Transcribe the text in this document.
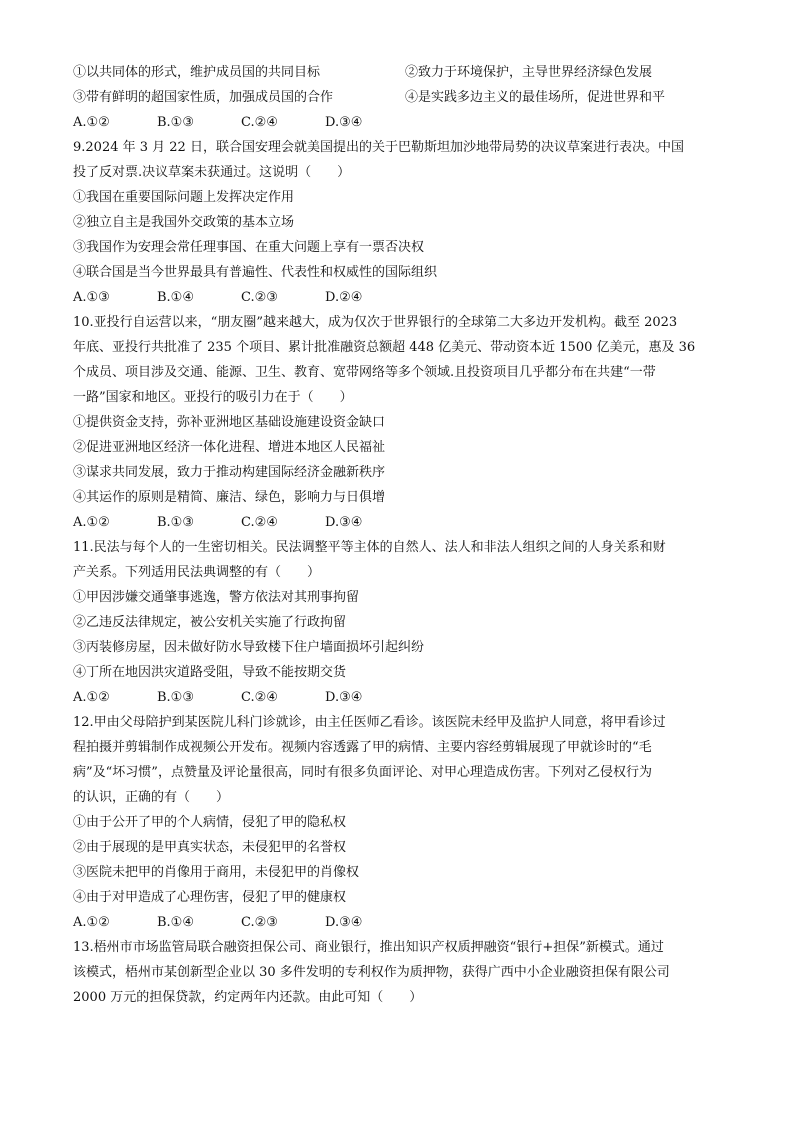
①以共同体的形式，维护成员国的共同目标	②致力于环境保护，主导世界经济绿色发展
③带有鲜明的超国家性质，加强成员国的合作	④是实践多边主义的最佳场所，促进世界和平
A.①②	B.①③	C.②④	D.③④
9.2024 年 3 月 22 日，联合国安理会就美国提出的关于巴勒斯坦加沙地带局势的决议草案进行表决。中国
投了反对票.决议草案未获通过。这说明（　　）
①我国在重要国际问题上发挥决定作用
②独立自主是我国外交政策的基本立场
③我国作为安理会常任理事国、在重大问题上享有一票否决权
④联合国是当今世界最具有普遍性、代表性和权威性的国际组织
A.①③	B.①④	C.②③	D.②④
10.亚投行自运营以来，“朋友圈”越来越大，成为仅次于世界银行的全球第二大多边开发机构。截至 2023
年底、亚投行共批准了 235 个项目、累计批准融资总额超 448 亿美元、带动资本近 1500 亿美元，惠及 36
个成员、项目涉及交通、能源、卫生、教育、宽带网络等多个领域.且投资项目几乎都分布在共建“一带
一路”国家和地区。亚投行的吸引力在于（　　）
①提供资金支持，弥补亚洲地区基础设施建设资金缺口
②促进亚洲地区经济一体化进程、增进本地区人民福祉
③谋求共同发展，致力于推动构建国际经济金融新秩序
④其运作的原则是精简、廉洁、绿色，影响力与日俱增
A.①②	B.①③	C.②④	D.③④
11.民法与每个人的一生密切相关。民法调整平等主体的自然人、法人和非法人组织之间的人身关系和财
产关系。下列适用民法典调整的有（　　）
①甲因涉嫌交通肇事逃逸，警方依法对其刑事拘留
②乙违反法律规定，被公安机关实施了行政拘留
③丙装修房屋，因未做好防水导致楼下住户墙面损坏引起纠纷
④丁所在地因洪灾道路受阻，导致不能按期交货
A.①②	B.①③	C.②④	D.③④
12.甲由父母陪护到某医院儿科门诊就诊，由主任医师乙看诊。该医院未经甲及监护人同意，将甲看诊过
程拍摄并剪辑制作成视频公开发布。视频内容透露了甲的病情、主要内容经剪辑展现了甲就诊时的“毛
病”及“坏习惯”，点赞量及评论量很高，同时有很多负面评论、对甲心理造成伤害。下列对乙侵权行为
的认识，正确的有（　　）
①由于公开了甲的个人病情，侵犯了甲的隐私权
②由于展现的是甲真实状态，未侵犯甲的名誉权
③医院未把甲的肖像用于商用，未侵犯甲的肖像权
④由于对甲造成了心理伤害，侵犯了甲的健康权
A.①②	B.①④	C.②③	D.③④
13.梧州市市场监管局联合融资担保公司、商业银行，推出知识产权质押融资“银行+担保”新模式。通过
该模式，梧州市某创新型企业以 30 多件发明的专利权作为质押物，获得广西中小企业融资担保有限公司
2000 万元的担保贷款，约定两年内还款。由此可知（　　）
